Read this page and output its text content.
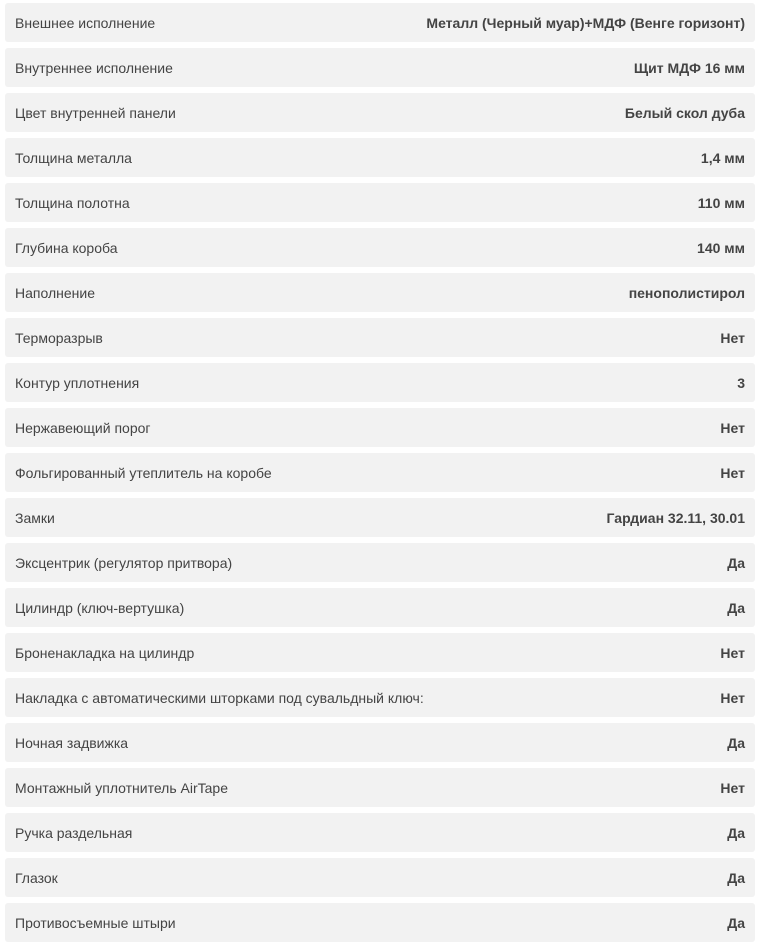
Внешнее исполнение	Металл (Черный муар)+МДФ (Венге горизонт)
Внутреннее исполнение	Щит МДФ 16 мм
Цвет внутренней панели	Белый скол дуба
Толщина металла	1,4 мм
Толщина полотна	110 мм
Глубина короба	140 мм
Наполнение	пенополистирол
Терморазрыв	Нет
Контур уплотнения	3
Нержавеющий порог	Нет
Фольгированный утеплитель на коробе	Нет
Замки	Гардиан 32.11, 30.01
Эксцентрик (регулятор притвора)	Да
Цилиндр (ключ-вертушка)	Да
Броненакладка на цилиндр	Нет
Накладка с автоматическими шторками под сувальдный ключ:	Нет
Ночная задвижка	Да
Монтажный уплотнитель AirTape	Нет
Ручка раздельная	Да
Глазок	Да
Противосъемные штыри	Да
